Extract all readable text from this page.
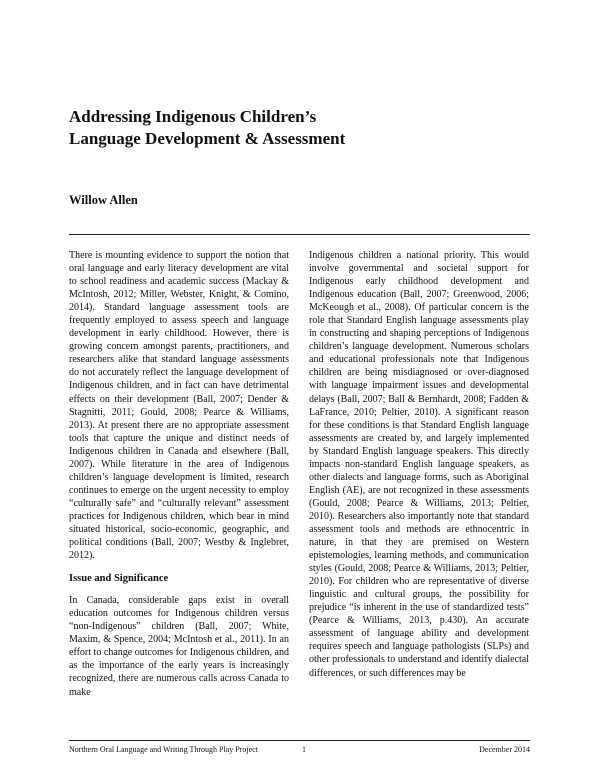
Addressing Indigenous Children’s
Language Development & Assessment

Willow Allen

There is mounting evidence to support the notion that oral language and early literacy development are vital to school readiness and academic success (Mackay & McIntosh, 2012; Miller, Webster, Knight, & Comino, 2014). Standard language assessment tools are frequently employed to assess speech and language development in early childhood. However, there is growing concern amongst parents, practitioners, and researchers alike that standard language assessments do not accurately reflect the language development of Indigenous children, and in fact can have detrimental effects on their development (Ball, 2007; Dender & Stagnitti, 2011; Gould, 2008; Pearce & Williams, 2013). At present there are no appropriate assessment tools that capture the unique and distinct needs of Indigenous children in Canada and elsewhere (Ball, 2007). While literature in the area of Indigenous children’s language development is limited, research continues to emerge on the urgent necessity to employ “culturally safe” and “culturally relevant” assessment practices for Indigenous children, which bear in mind situated historical, socio-economic, geographic, and political conditions (Ball, 2007; Westby & Inglebret, 2012).

Issue and Significance

In Canada, considerable gaps exist in overall education outcomes for Indigenous children versus “non-Indigenous” children (Ball, 2007; White, Maxim, & Spence, 2004; McIntosh et al., 2011). In an effort to change outcomes for Indigenous children, and as the importance of the early years is increasingly recognized, there are numerous calls across Canada to make

Indigenous children a national priority. This would involve governmental and societal support for Indigenous early childhood development and Indigenous education (Ball, 2007; Greenwood, 2006; McKeough et al., 2008). Of particular concern is the role that Standard English language assessments play in constructing and shaping perceptions of Indigenous children’s language development. Numerous scholars and educational professionals note that Indigenous children are being misdiagnosed or over-diagnosed with language impairment issues and developmental delays (Ball, 2007; Ball & Bernhardt, 2008; Fadden & LaFrance, 2010; Peltier, 2010). A significant reason for these conditions is that Standard English language assessments are created by, and largely implemented by Standard English language speakers. This directly impacts non-standard English language speakers, as other dialects and language forms, such as Aboriginal English (AE), are not recognized in these assessments (Gould, 2008; Pearce & Williams, 2013; Peltier, 2010). Researchers also importantly note that standard assessment tools and methods are ethnocentric in nature, in that they are premised on Western epistemologies, learning methods, and communication styles (Gould, 2008; Pearce & Williams, 2013; Peltier, 2010). For children who are representative of diverse linguistic and cultural groups, the possibility for prejudice “is inherent in the use of standardized tests” (Pearce & Williams, 2013, p.430). An accurate assessment of language ability and development requires speech and language pathologists (SLPs) and other professionals to understand and identify dialectal differences, or such differences may be

Northern Oral Language and Writing Through Play Project	1	December 2014
